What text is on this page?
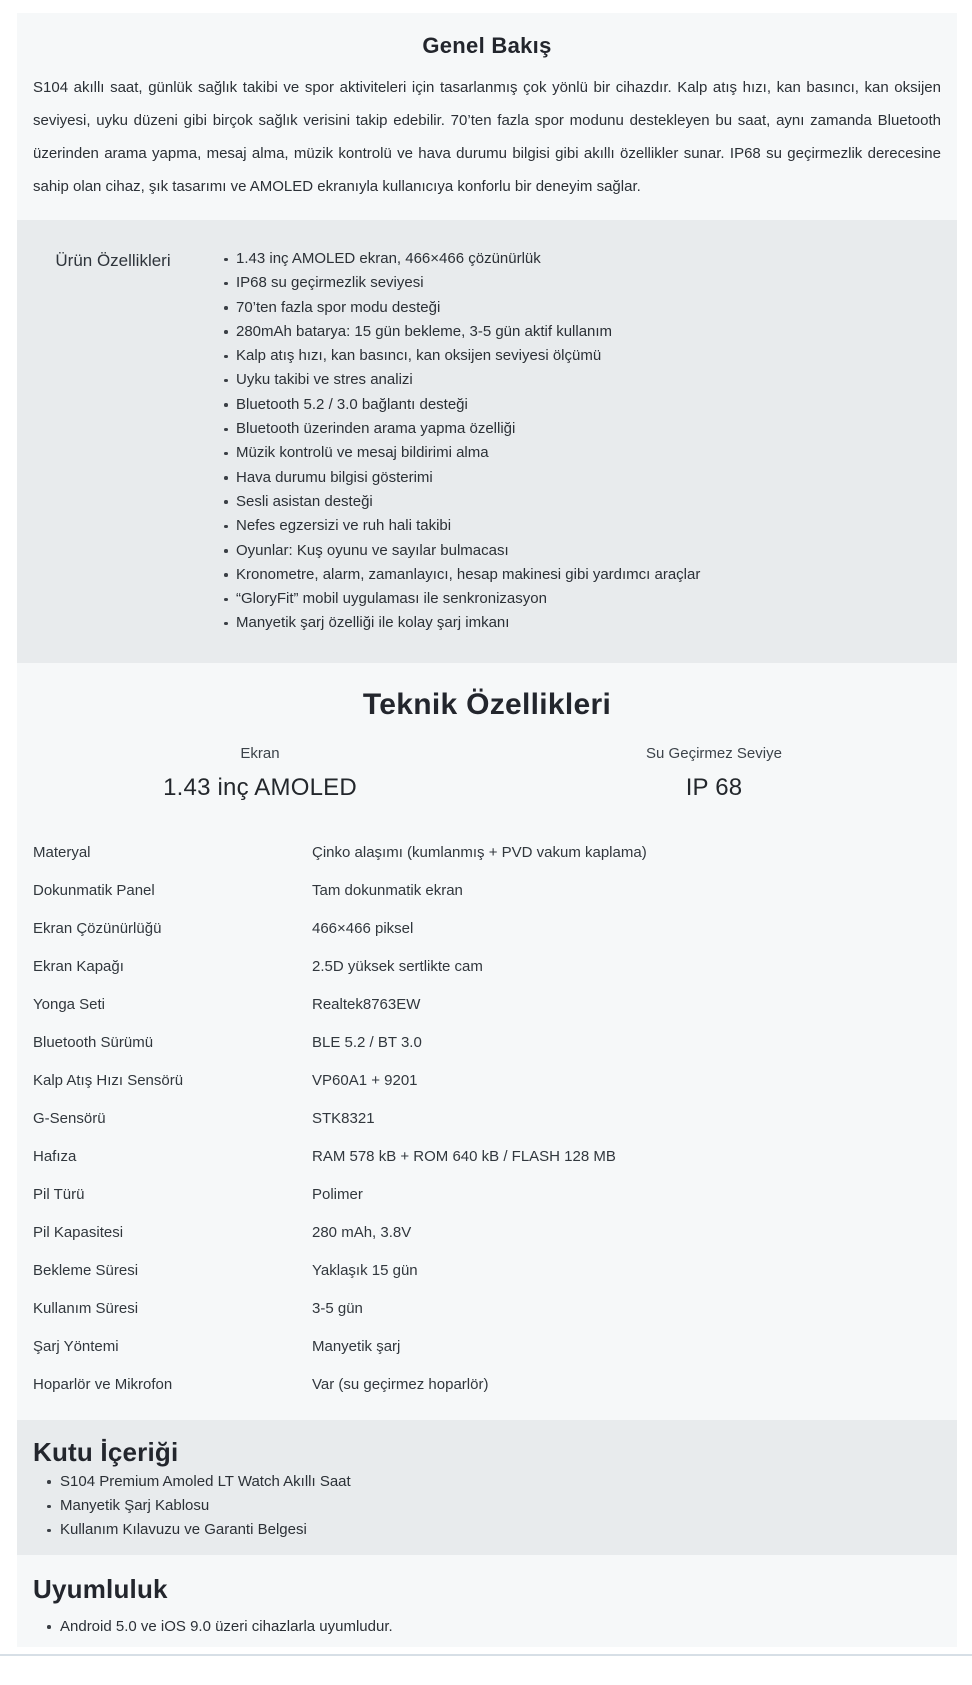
Genel Bakış

S104 akıllı saat, günlük sağlık takibi ve spor aktiviteleri için tasarlanmış çok yönlü bir cihazdır. Kalp atış hızı, kan basıncı, kan oksijen seviyesi, uyku düzeni gibi birçok sağlık verisini takip edebilir. 70’ten fazla spor modunu destekleyen bu saat, aynı zamanda Bluetooth üzerinden arama yapma, mesaj alma, müzik kontrolü ve hava durumu bilgisi gibi akıllı özellikler sunar. IP68 su geçirmezlik derecesine sahip olan cihaz, şık tasarımı ve AMOLED ekranıyla kullanıcıya konforlu bir deneyim sağlar.

Ürün Özellikleri	1.43 inç AMOLED ekran, 466×466 çözünürlük
IP68 su geçirmezlik seviyesi
70’ten fazla spor modu desteği
280mAh batarya: 15 gün bekleme, 3-5 gün aktif kullanım
Kalp atış hızı, kan basıncı, kan oksijen seviyesi ölçümü
Uyku takibi ve stres analizi
Bluetooth 5.2 / 3.0 bağlantı desteği
Bluetooth üzerinden arama yapma özelliği
Müzik kontrolü ve mesaj bildirimi alma
Hava durumu bilgisi gösterimi
Sesli asistan desteği
Nefes egzersizi ve ruh hali takibi
Oyunlar: Kuş oyunu ve sayılar bulmacası
Kronometre, alarm, zamanlayıcı, hesap makinesi gibi yardımcı araçlar
“GloryFit” mobil uygulaması ile senkronizasyon
Manyetik şarj özelliği ile kolay şarj imkanı
Teknik Özellikleri
Ekran
1.43 inç AMOLED
Su Geçirmez Seviye
IP 68
Materyal	Çinko alaşımı (kumlanmış + PVD vakum kaplama)
Dokunmatik Panel	Tam dokunmatik ekran
Ekran Çözünürlüğü	466×466 piksel
Ekran Kapağı	2.5D yüksek sertlikte cam
Yonga Seti	Realtek8763EW
Bluetooth Sürümü	BLE 5.2 / BT 3.0
Kalp Atış Hızı Sensörü	VP60A1 + 9201
G-Sensörü	STK8321
Hafıza	RAM 578 kB + ROM 640 kB / FLASH 128 MB
Pil Türü	Polimer
Pil Kapasitesi	280 mAh, 3.8V
Bekleme Süresi	Yaklaşık 15 gün
Kullanım Süresi	3-5 gün
Şarj Yöntemi	Manyetik şarj
Hoparlör ve Mikrofon	Var (su geçirmez hoparlör)
Kutu İçeriği
S104 Premium Amoled LT Watch Akıllı Saat
Manyetik Şarj Kablosu
Kullanım Kılavuzu ve Garanti Belgesi
Uyumluluk
Android 5.0 ve iOS 9.0 üzeri cihazlarla uyumludur.
